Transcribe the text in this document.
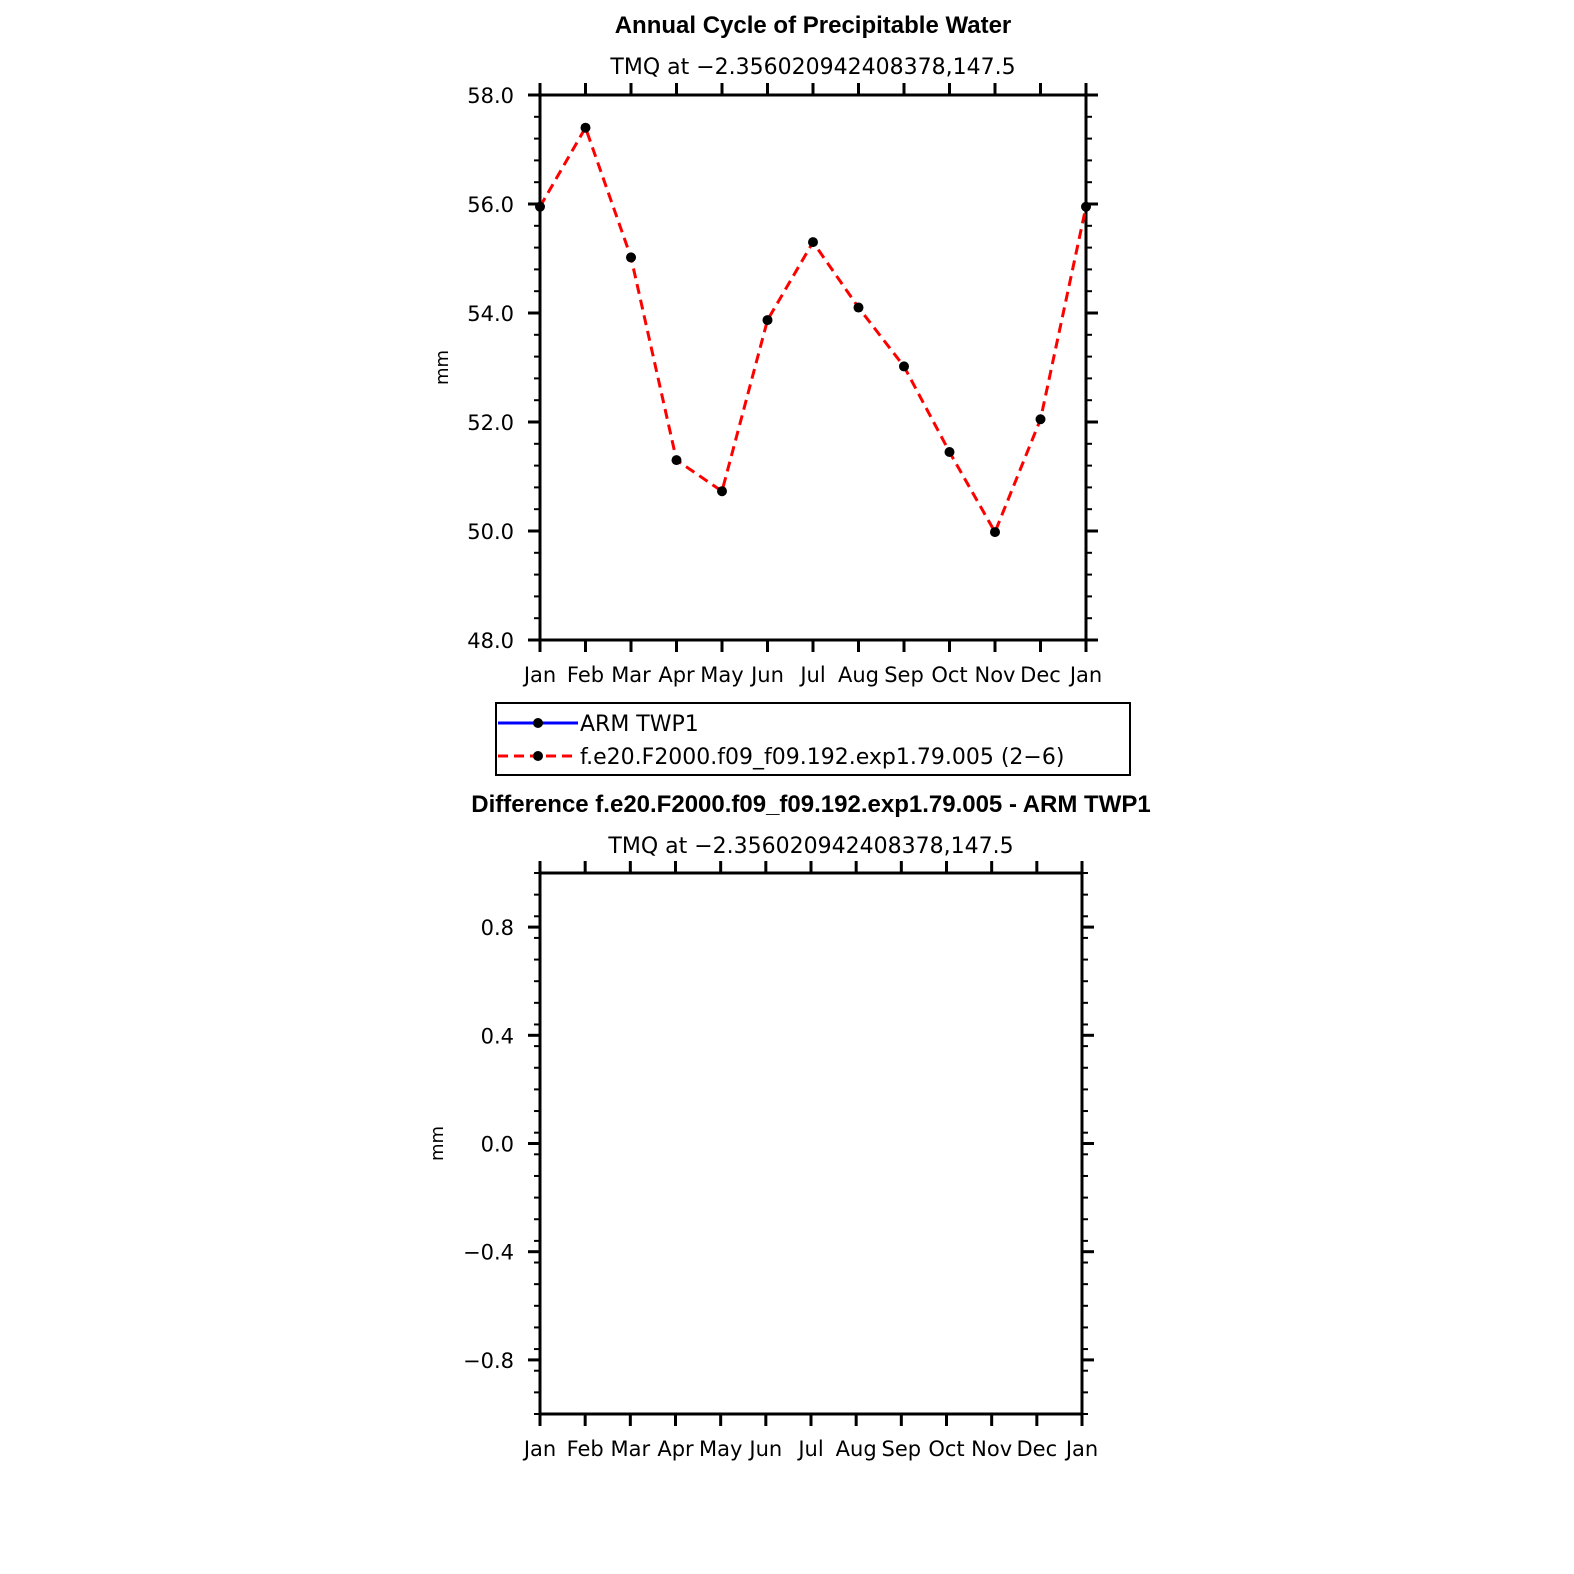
Annual Cycle of Precipitable Water
TMQ at −2.356020942408378,147.5
Jan Feb Mar Apr May Jun Jul Aug Sep Oct Nov Dec Jan
48.0
50.0
52.0
54.0
56.0
58.0
mm
ARM TWP1
f.e20.F2000.f09_f09.192.exp1.79.005 (2−6)
Difference f.e20.F2000.f09_f09.192.exp1.79.005 - ARM TWP1
TMQ at −2.356020942408378,147.5
Jan Feb Mar Apr May Jun Jul Aug Sep Oct Nov Dec Jan
−0.8
−0.4
0.0
0.4
0.8
mm
